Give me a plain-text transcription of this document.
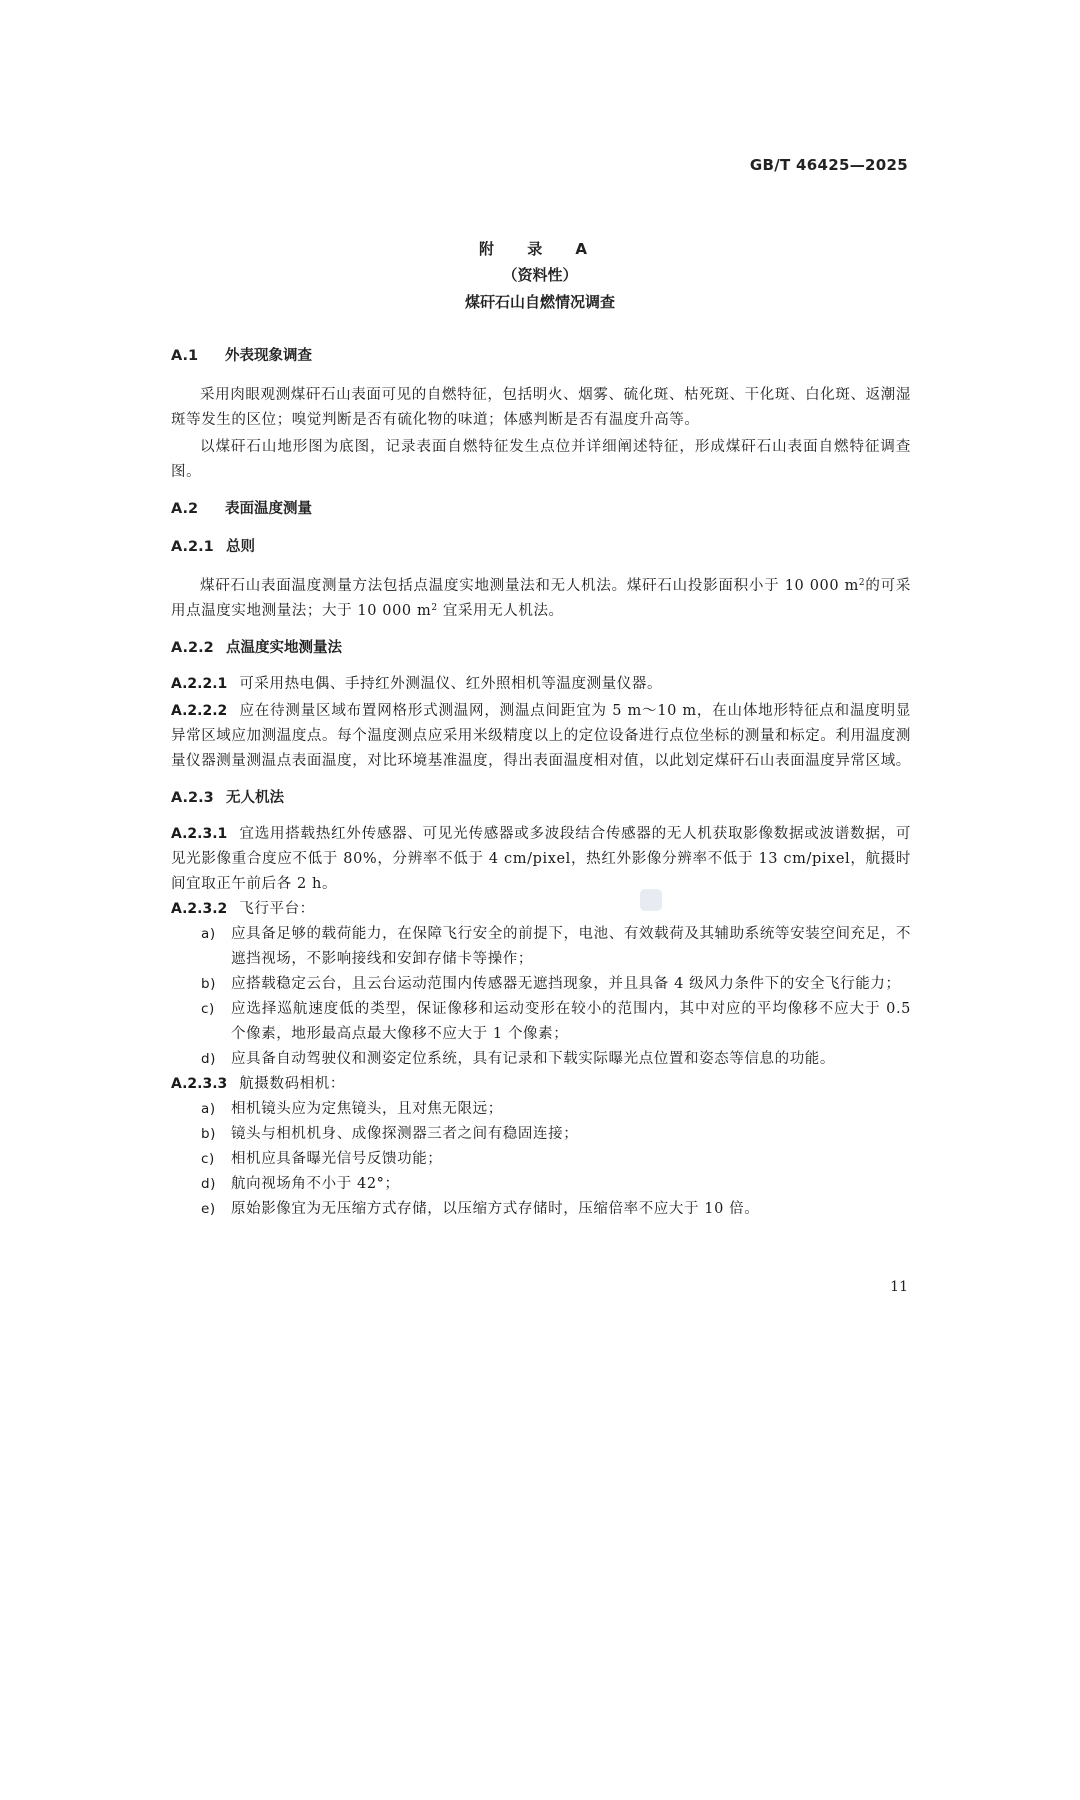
GB/T 46425—2025
附 录 A
（资料性）
煤矸石山自燃情况调查
A.1 外表现象调查
采用肉眼观测煤矸石山表面可见的自燃特征，包括明火、烟雾、硫化斑、枯死斑、干化斑、白化斑、返潮湿斑等发生的区位；嗅觉判断是否有硫化物的味道；体感判断是否有温度升高等。
以煤矸石山地形图为底图，记录表面自燃特征发生点位并详细阐述特征，形成煤矸石山表面自燃特征调查图。
A.2 表面温度测量
A.2.1 总则
煤矸石山表面温度测量方法包括点温度实地测量法和无人机法。煤矸石山投影面积小于 10 000 $m^2$的可采用点温度实地测量法；大于 10 000 $m^2$ 宜采用无人机法。
A.2.2 点温度实地测量法
A.2.2.1 可采用热电偶、手持红外测温仪、红外照相机等温度测量仪器。
A.2.2.2 应在待测量区域布置网格形式测温网，测温点间距宜为 5 m～10 m，在山体地形特征点和温度明显异常区域应加测温度点。每个温度测点应采用米级精度以上的定位设备进行点位坐标的测量和标定。利用温度测量仪器测量测温点表面温度，对比环境基准温度，得出表面温度相对值，以此划定煤矸石山表面温度异常区域。
A.2.3 无人机法
A.2.3.1 宜选用搭载热红外传感器、可见光传感器或多波段结合传感器的无人机获取影像数据或波谱数据，可见光影像重合度应不低于 80%，分辨率不低于 4 cm/pixel，热红外影像分辨率不低于 13 cm/pixel，航摄时间宜取正午前后各 2 h。
A.2.3.2 飞行平台：
a)	应具备足够的载荷能力，在保障飞行安全的前提下，电池、有效载荷及其辅助系统等安装空间充足，不遮挡视场，不影响接线和安卸存储卡等操作；
b)	应搭载稳定云台，且云台运动范围内传感器无遮挡现象，并且具备 4 级风力条件下的安全飞行能力；
c)	应选择巡航速度低的类型，保证像移和运动变形在较小的范围内，其中对应的平均像移不应大于 0.5 个像素，地形最高点最大像移不应大于 1 个像素；
d)	应具备自动驾驶仪和测姿定位系统，具有记录和下载实际曝光点位置和姿态等信息的功能。
A.2.3.3 航摄数码相机：
a)	相机镜头应为定焦镜头，且对焦无限远；
b)	镜头与相机机身、成像探测器三者之间有稳固连接；
c)	相机应具备曝光信号反馈功能；
d)	航向视场角不小于 42°；
e)	原始影像宜为无压缩方式存储，以压缩方式存储时，压缩倍率不应大于 10 倍。
11
